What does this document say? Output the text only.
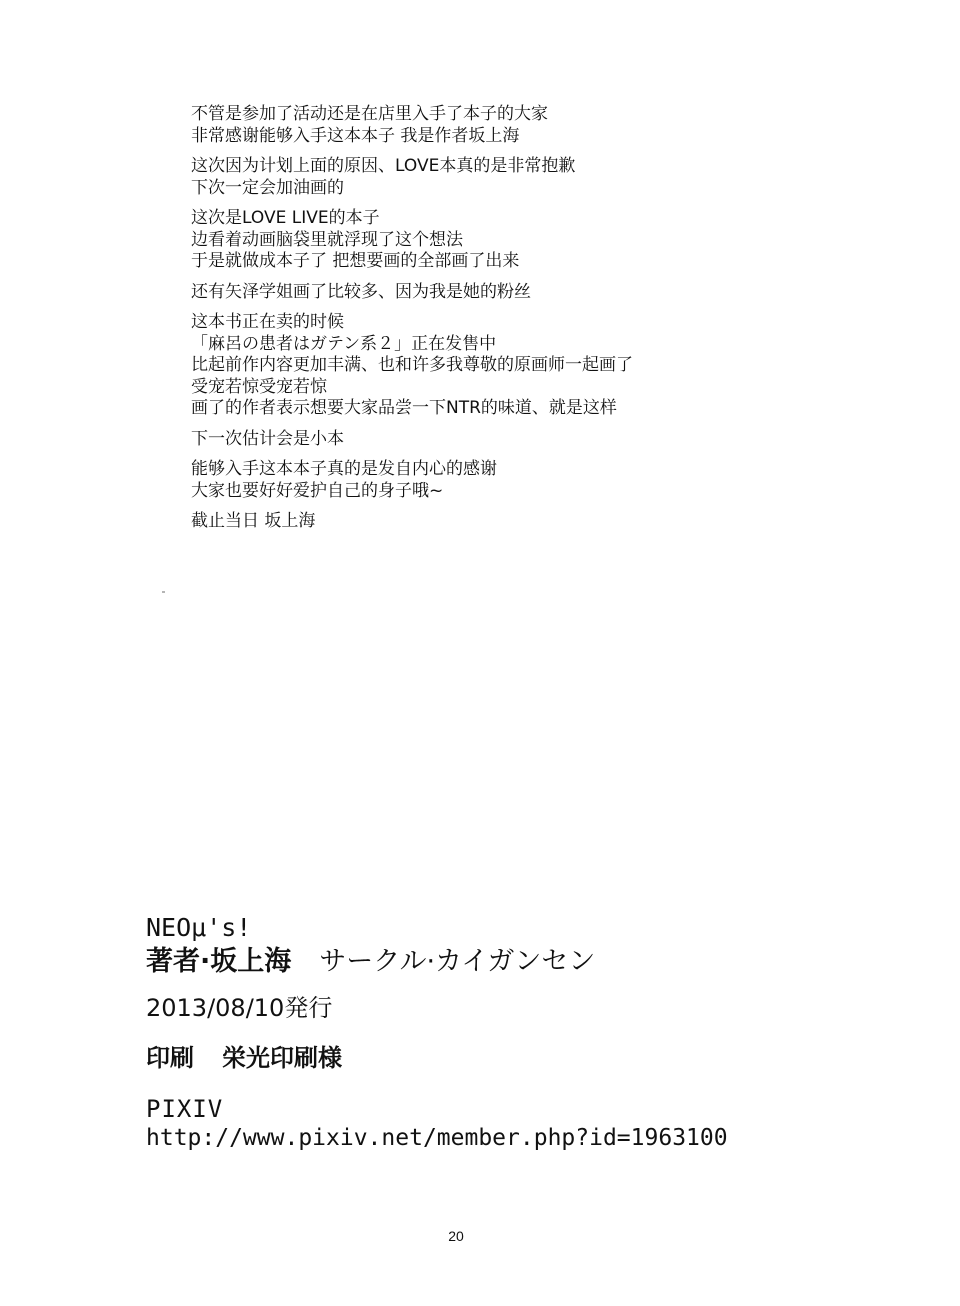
不管是参加了活动还是在店里入手了本子的大家
非常感谢能够入手这本本子 我是作者坂上海
这次因为计划上面的原因、LOVE本真的是非常抱歉
下次一定会加油画的
这次是LOVE LIVE的本子
边看着动画脑袋里就浮现了这个想法
于是就做成本子了 把想要画的全部画了出来
还有矢泽学姐画了比较多、因为我是她的粉丝
这本书正在卖的时候
「麻呂の患者はガテン系２」正在发售中
比起前作内容更加丰满、也和许多我尊敬的原画师一起画了
受宠若惊受宠若惊
画了的作者表示想要大家品尝一下NTR的味道、就是这样
下一次估计会是小本
能够入手这本本子真的是发自内心的感谢
大家也要好好爱护自己的身子哦~
截止当日 坂上海
NEOμ's!
著者·坂上海 サークル·カイガンセン
2013/08/10発行
印刷 栄光印刷様
PIXIV
http://www.pixiv.net/member.php?id=1963100
20
